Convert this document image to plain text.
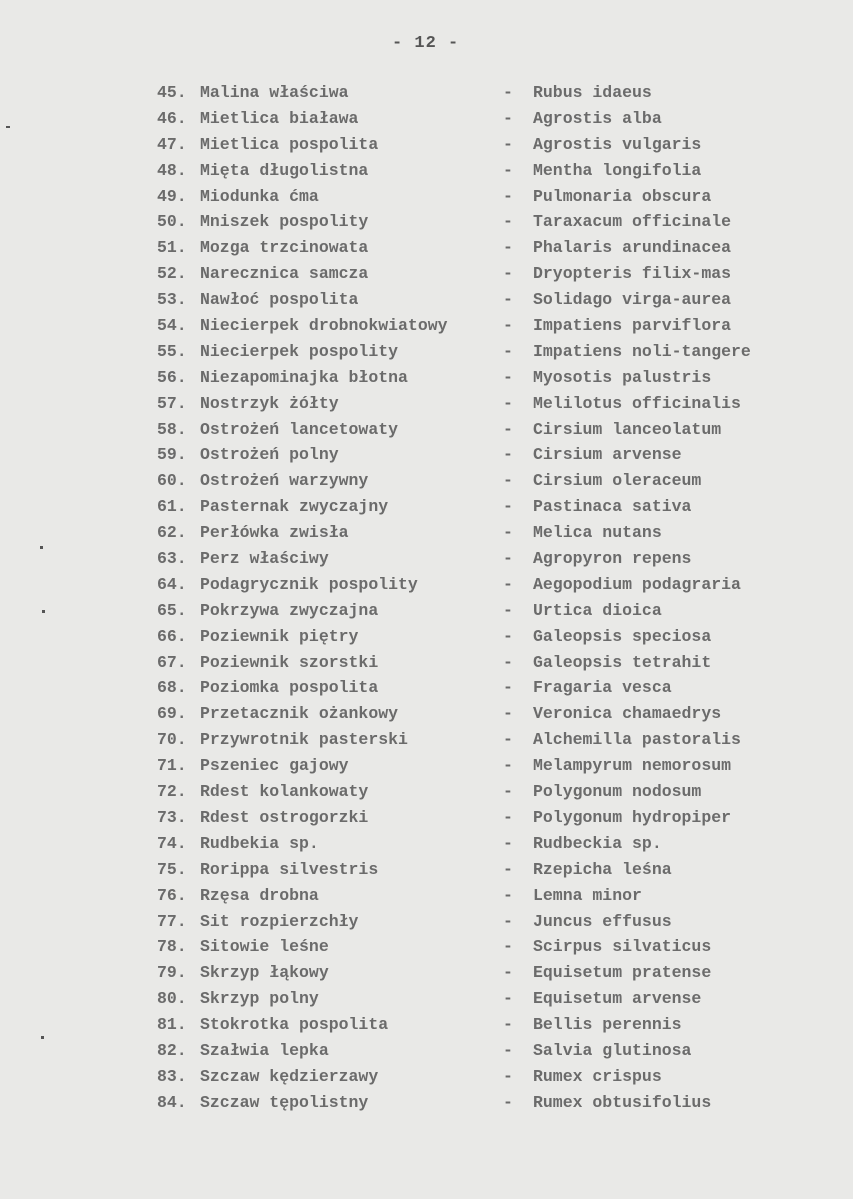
- 12 -
45. Malina właściwa	- Rubus idaeus
46. Mietlica biaława	- Agrostis alba
47. Mietlica pospolita	- Agrostis vulgaris
48. Mięta długolistna	- Mentha longifolia
49. Miodunka ćma	- Pulmonaria obscura
50. Mniszek pospolity	- Taraxacum officinale
51. Mozga trzcinowata	- Phalaris arundinacea
52. Narecznica samcza	- Dryopteris filix-mas
53. Nawłoć pospolita	- Solidago virga-aurea
54. Niecierpek drobnokwiatowy	- Impatiens parviflora
55. Niecierpek pospolity	- Impatiens noli-tangere
56. Niezapominajka błotna	- Myosotis palustris
57. Nostrzyk żółty	- Melilotus officinalis
58. Ostrożeń lancetowaty	- Cirsium lanceolatum
59. Ostrożeń polny	- Cirsium arvense
60. Ostrożeń warzywny	- Cirsium oleraceum
61. Pasternak zwyczajny	- Pastinaca sativa
62. Perłówka zwisła	- Melica nutans
63. Perz właściwy	- Agropyron repens
64. Podagrycznik pospolity	- Aegopodium podagraria
65. Pokrzywa zwyczajna	- Urtica dioica
66. Poziewnik piętry	- Galeopsis speciosa
67. Poziewnik szorstki	- Galeopsis tetrahit
68. Poziomka pospolita	- Fragaria vesca
69. Przetacznik ożankowy	- Veronica chamaedrys
70. Przywrotnik pasterski	- Alchemilla pastoralis
71. Pszeniec gajowy	- Melampyrum nemorosum
72. Rdest kolankowaty	- Polygonum nodosum
73. Rdest ostrogorzki	- Polygonum hydropiper
74. Rudbekia sp.	- Rudbeckia sp.
75. Rorippa silvestris	- Rzepicha leśna
76. Rzęsa drobna	- Lemna minor
77. Sit rozpierzchły	- Juncus effusus
78. Sitowie leśne	- Scirpus silvaticus
79. Skrzyp łąkowy	- Equisetum pratense
80. Skrzyp polny	- Equisetum arvense
81. Stokrotka pospolita	- Bellis perennis
82. Szałwia lepka	- Salvia glutinosa
83. Szczaw kędzierzawy	- Rumex crispus
84. Szczaw tępolistny	- Rumex obtusifolius
